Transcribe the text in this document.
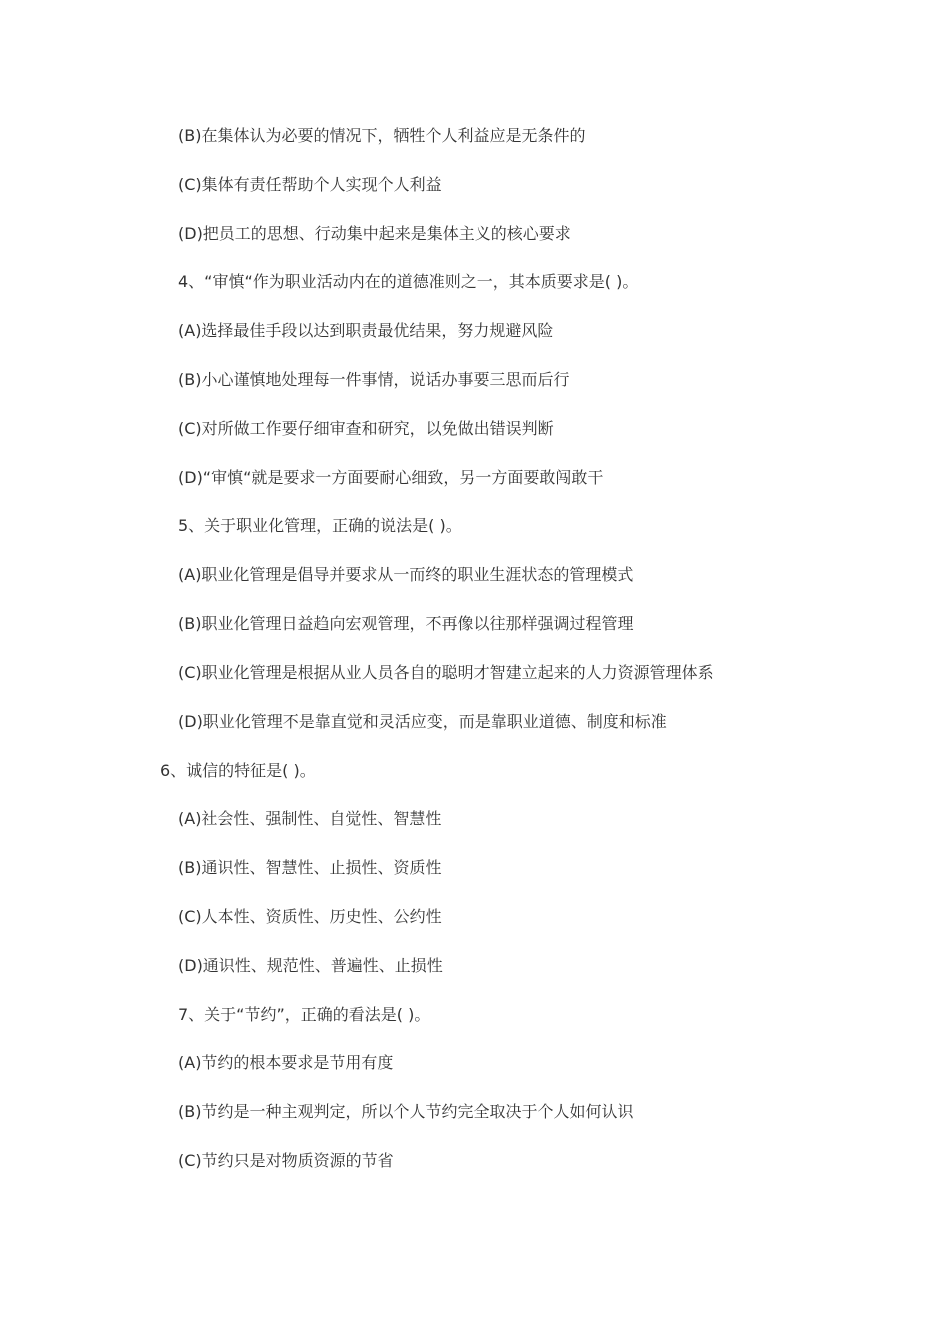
(B)在集体认为必要的情况下，牺牲个人利益应是无条件的
(C)集体有责任帮助个人实现个人利益
(D)把员工的思想、行动集中起来是集体主义的核心要求
4、“审慎“作为职业活动内在的道德准则之一，其本质要求是( )。
(A)选择最佳手段以达到职责最优结果，努力规避风险
(B)小心谨慎地处理每一件事情，说话办事要三思而后行
(C)对所做工作要仔细审查和研究，以免做出错误判断
(D)“审慎“就是要求一方面要耐心细致，另一方面要敢闯敢干
5、关于职业化管理，正确的说法是( )。
(A)职业化管理是倡导并要求从一而终的职业生涯状态的管理模式
(B)职业化管理日益趋向宏观管理，不再像以往那样强调过程管理
(C)职业化管理是根据从业人员各自的聪明才智建立起来的人力资源管理体系
(D)职业化管理不是靠直觉和灵活应变，而是靠职业道德、制度和标准
6、诚信的特征是( )。
(A)社会性、强制性、自觉性、智慧性
(B)通识性、智慧性、止损性、资质性
(C)人本性、资质性、历史性、公约性
(D)通识性、规范性、普遍性、止损性
7、关于“节约”，正确的看法是( )。
(A)节约的根本要求是节用有度
(B)节约是一种主观判定，所以个人节约完全取决于个人如何认识
(C)节约只是对物质资源的节省
